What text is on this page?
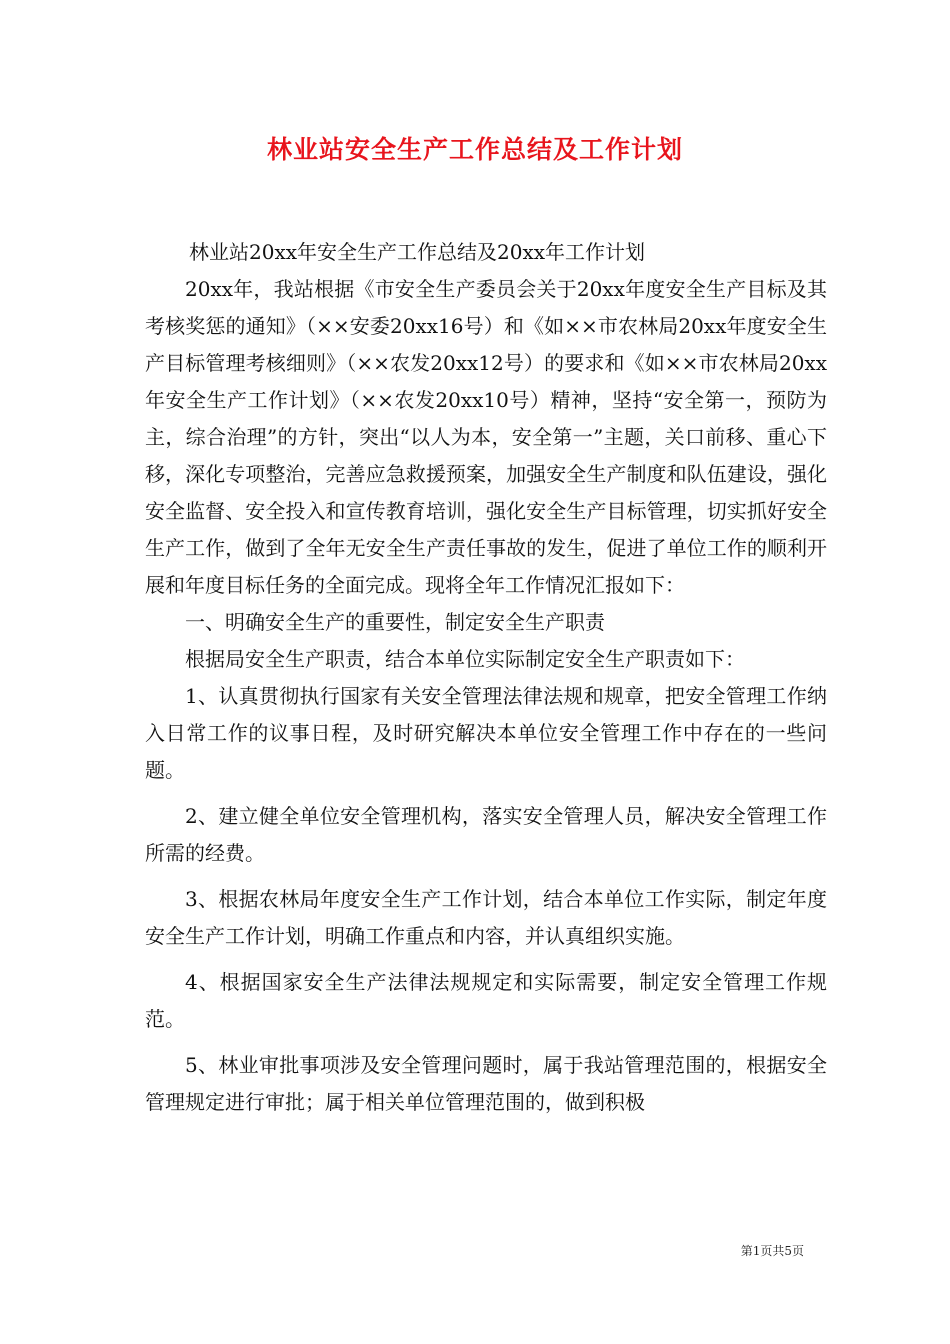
林业站安全生产工作总结及工作计划

林业站20xx年安全生产工作总结及20xx年工作计划

20xx年，我站根据《市安全生产委员会关于20xx年度安全生产目标及其考核奖惩的通知》（××安委20xx16号）和《如××市农林局20xx年度安全生产目标管理考核细则》（××农发20xx12号）的要求和《如××市农林局20xx年安全生产工作计划》（××农发20xx10号）精神，坚持“安全第一，预防为主，综合治理”的方针，突出“以人为本，安全第一”主题，关口前移、重心下移，深化专项整治，完善应急救援预案，加强安全生产制度和队伍建设，强化安全监督、安全投入和宣传教育培训，强化安全生产目标管理，切实抓好安全生产工作，做到了全年无安全生产责任事故的发生，促进了单位工作的顺利开展和年度目标任务的全面完成。现将全年工作情况汇报如下：

一、明确安全生产的重要性，制定安全生产职责

根据局安全生产职责，结合本单位实际制定安全生产职责如下：

1、认真贯彻执行国家有关安全管理法律法规和规章，把安全管理工作纳入日常工作的议事日程，及时研究解决本单位安全管理工作中存在的一些问题。

2、建立健全单位安全管理机构，落实安全管理人员，解决安全管理工作所需的经费。

3、根据农林局年度安全生产工作计划，结合本单位工作实际，制定年度安全生产工作计划，明确工作重点和内容，并认真组织实施。

4、根据国家安全生产法律法规规定和实际需要，制定安全管理工作规范。

5、林业审批事项涉及安全管理问题时，属于我站管理范围的，根据安全管理规定进行审批；属于相关单位管理范围的，做到积极

第1页共5页
